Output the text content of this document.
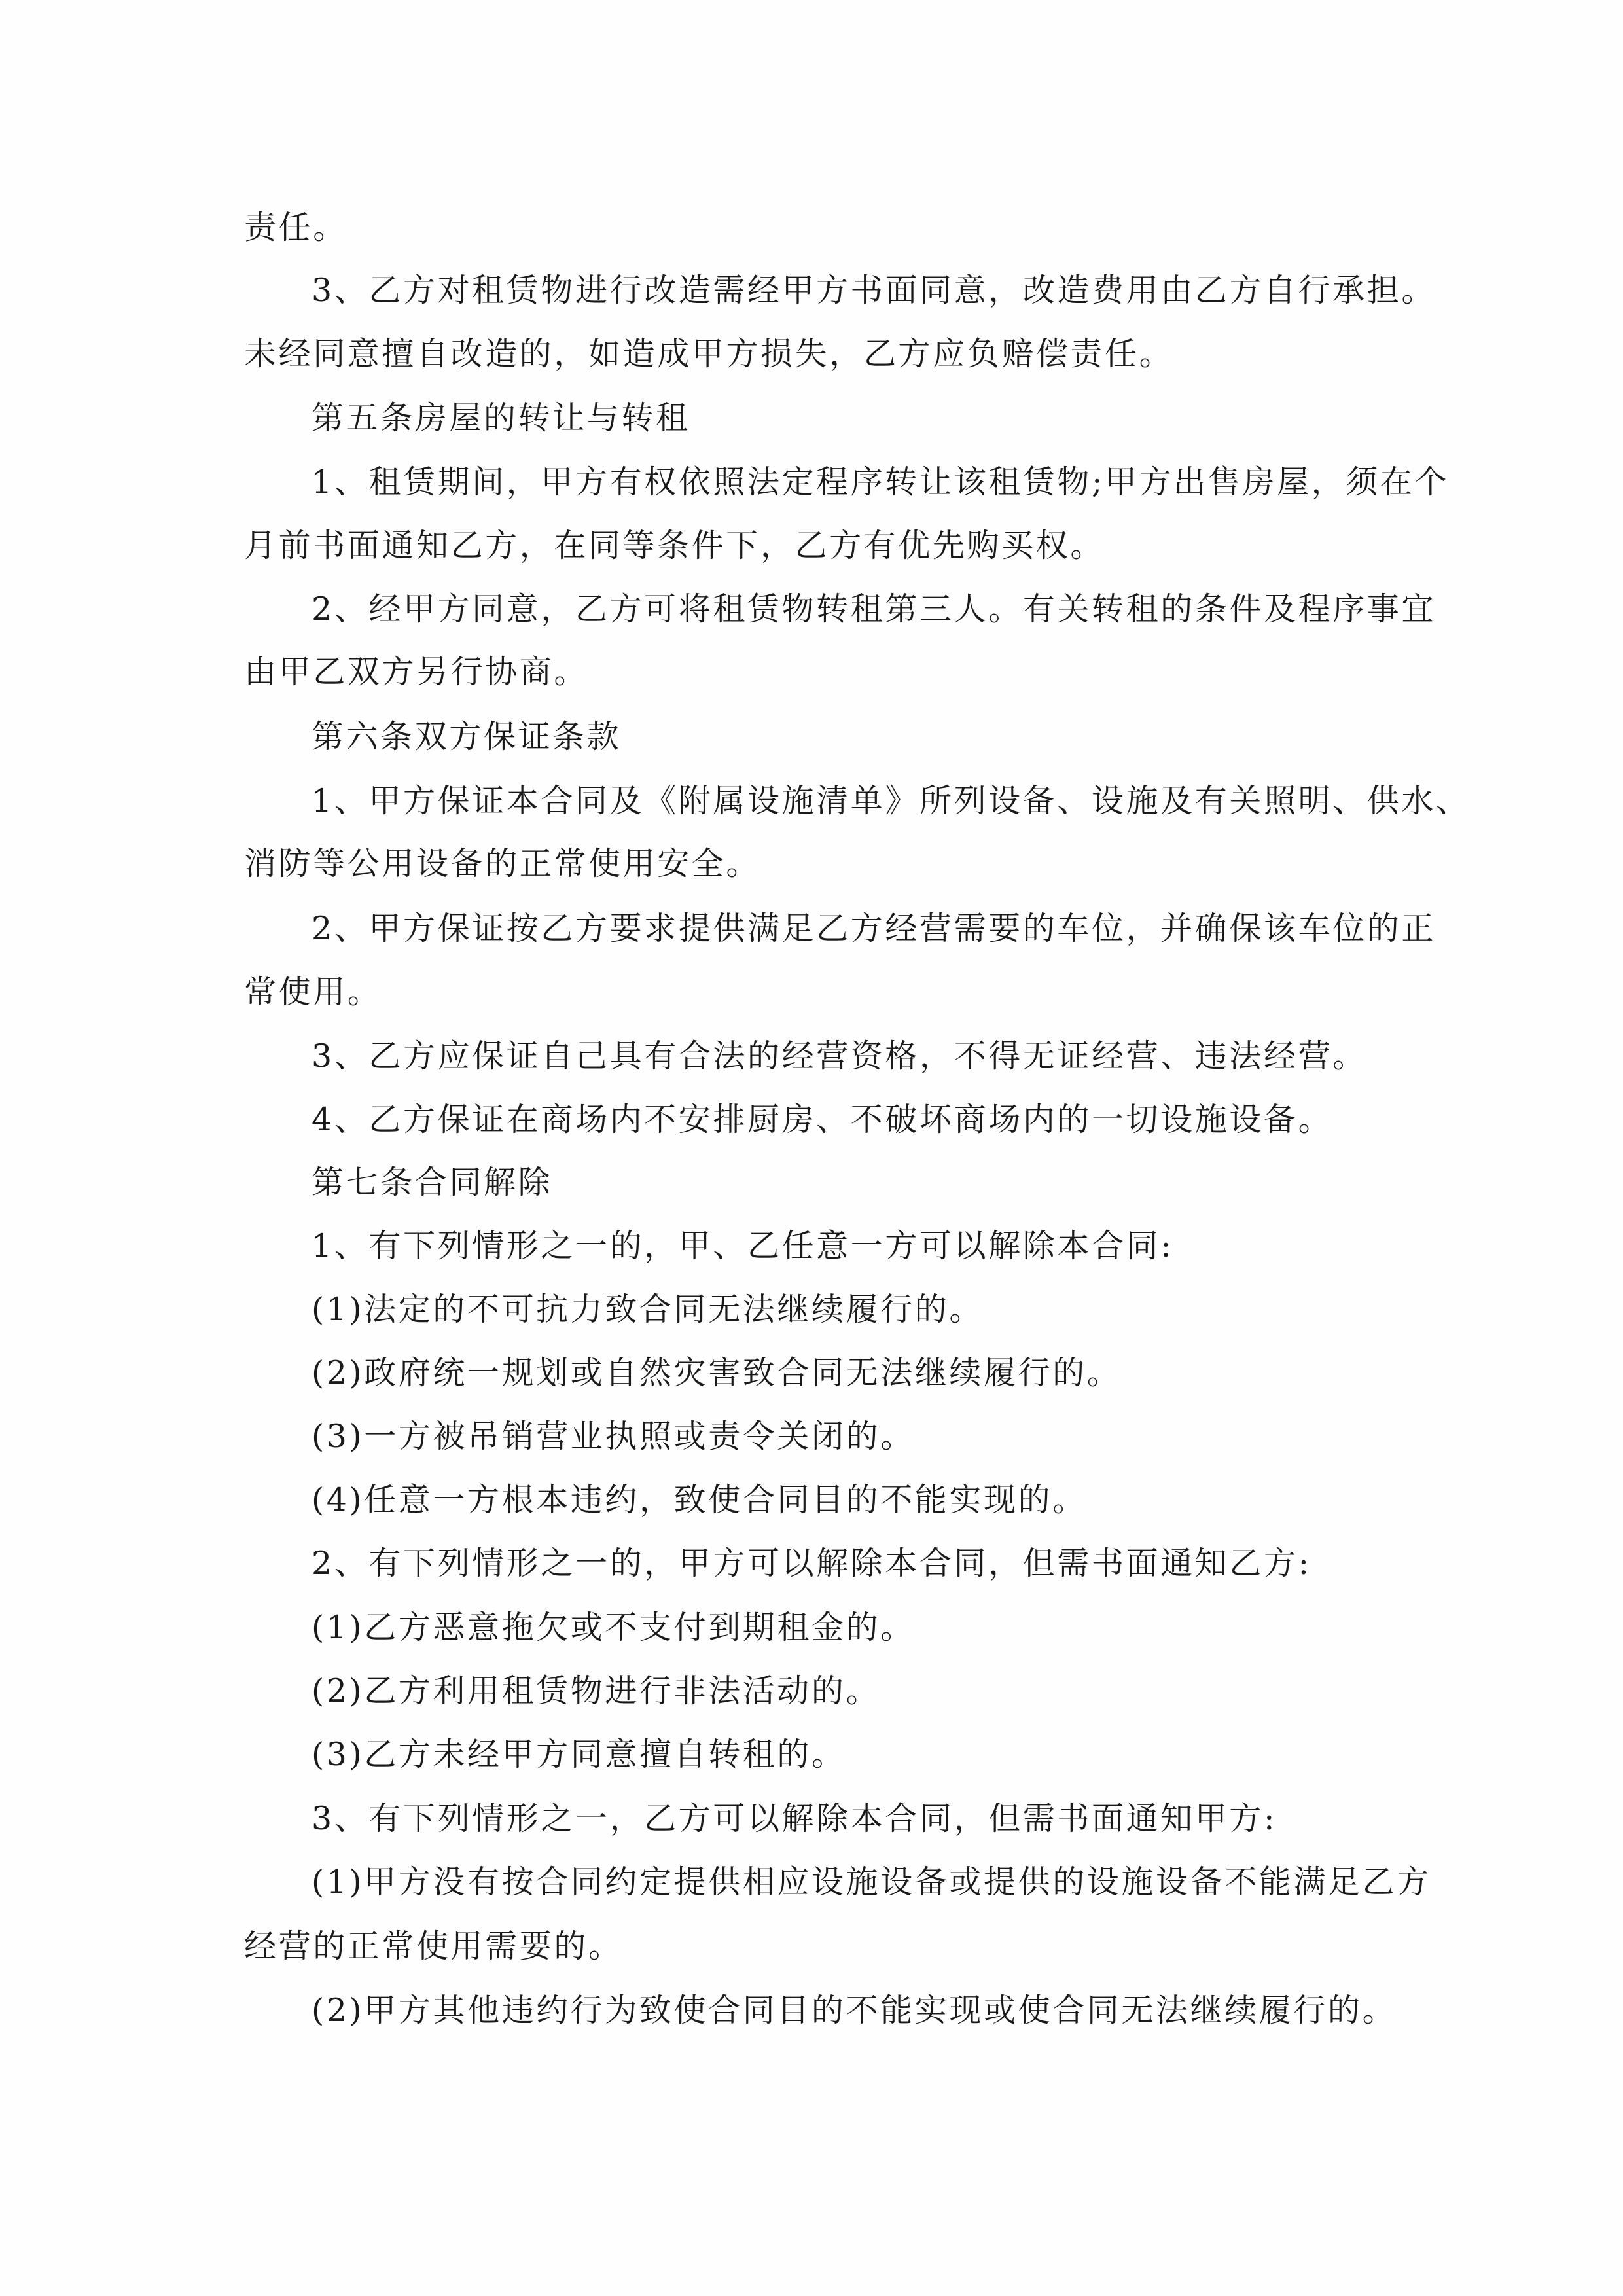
责任。
3、乙方对租赁物进行改造需经甲方书面同意，改造费用由乙方自行承担。
未经同意擅自改造的，如造成甲方损失，乙方应负赔偿责任。
第五条房屋的转让与转租
1、租赁期间，甲方有权依照法定程序转让该租赁物;甲方出售房屋，须在个
月前书面通知乙方，在同等条件下，乙方有优先购买权。
2、经甲方同意，乙方可将租赁物转租第三人。有关转租的条件及程序事宜
由甲乙双方另行协商。
第六条双方保证条款
1、甲方保证本合同及《附属设施清单》所列设备、设施及有关照明、供水、
消防等公用设备的正常使用安全。
2、甲方保证按乙方要求提供满足乙方经营需要的车位，并确保该车位的正
常使用。
3、乙方应保证自己具有合法的经营资格，不得无证经营、违法经营。
4、乙方保证在商场内不安排厨房、不破坏商场内的一切设施设备。
第七条合同解除
1、有下列情形之一的，甲、乙任意一方可以解除本合同:
(1)法定的不可抗力致合同无法继续履行的。
(2)政府统一规划或自然灾害致合同无法继续履行的。
(3)一方被吊销营业执照或责令关闭的。
(4)任意一方根本违约，致使合同目的不能实现的。
2、有下列情形之一的，甲方可以解除本合同，但需书面通知乙方:
(1)乙方恶意拖欠或不支付到期租金的。
(2)乙方利用租赁物进行非法活动的。
(3)乙方未经甲方同意擅自转租的。
3、有下列情形之一，乙方可以解除本合同，但需书面通知甲方:
(1)甲方没有按合同约定提供相应设施设备或提供的设施设备不能满足乙方
经营的正常使用需要的。
(2)甲方其他违约行为致使合同目的不能实现或使合同无法继续履行的。
